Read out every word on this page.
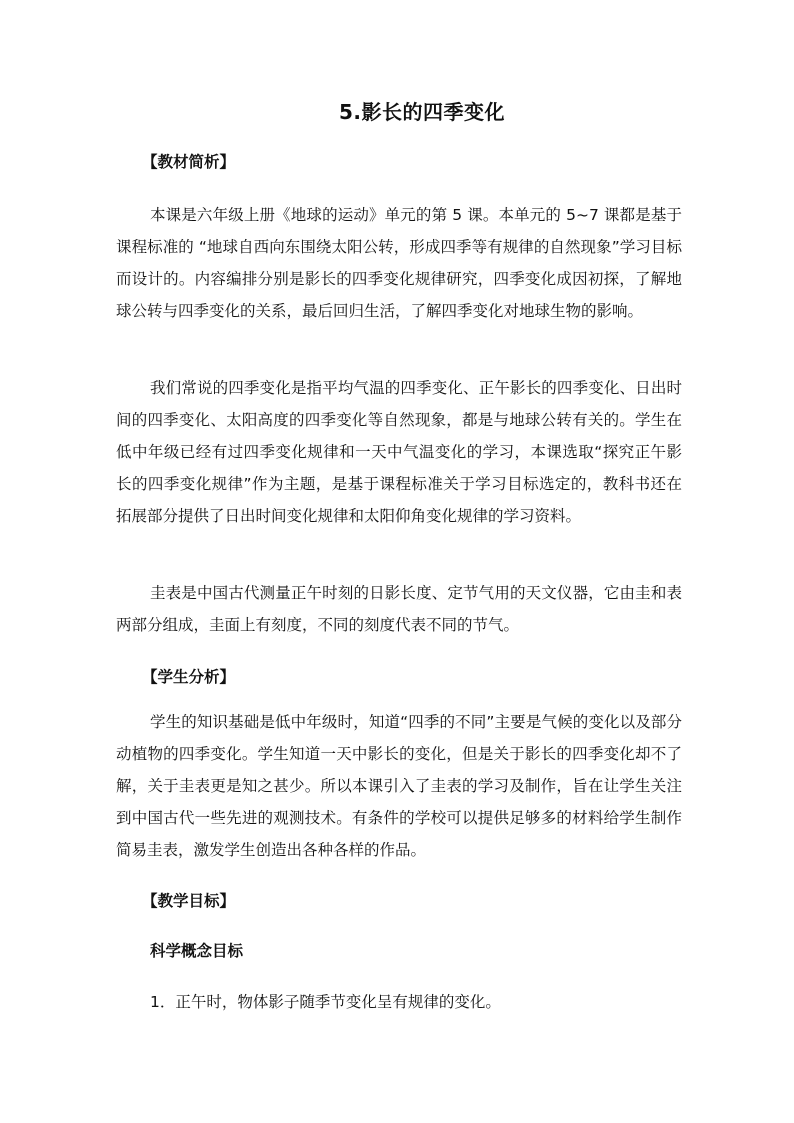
5.影长的四季变化
【教材简析】

本课是六年级上册《地球的运动》单元的第 5 课。本单元的 5~7 课都是基于课程标准的 “地球自西向东围绕太阳公转，形成四季等有规律的自然现象”学习目标而设计的。内容编排分别是影长的四季变化规律研究，四季变化成因初探，了解地球公转与四季变化的关系，最后回归生活，了解四季变化对地球生物的影响。

我们常说的四季变化是指平均气温的四季变化、正午影长的四季变化、日出时间的四季变化、太阳高度的四季变化等自然现象，都是与地球公转有关的。学生在低中年级已经有过四季变化规律和一天中气温变化的学习，本课选取“探究正午影长的四季变化规律”作为主题，是基于课程标准关于学习目标选定的，教科书还在拓展部分提供了日出时间变化规律和太阳仰角变化规律的学习资料。

圭表是中国古代测量正午时刻的日影长度、定节气用的天文仪器，它由圭和表两部分组成，圭面上有刻度，不同的刻度代表不同的节气。

【学生分析】

学生的知识基础是低中年级时，知道“四季的不同”主要是气候的变化以及部分动植物的四季变化。学生知道一天中影长的变化，但是关于影长的四季变化却不了解，关于圭表更是知之甚少。所以本课引入了圭表的学习及制作，旨在让学生关注到中国古代一些先进的观测技术。有条件的学校可以提供足够多的材料给学生制作简易圭表，激发学生创造出各种各样的作品。

【教学目标】
科学概念目标
1．正午时，物体影子随季节变化呈有规律的变化。
